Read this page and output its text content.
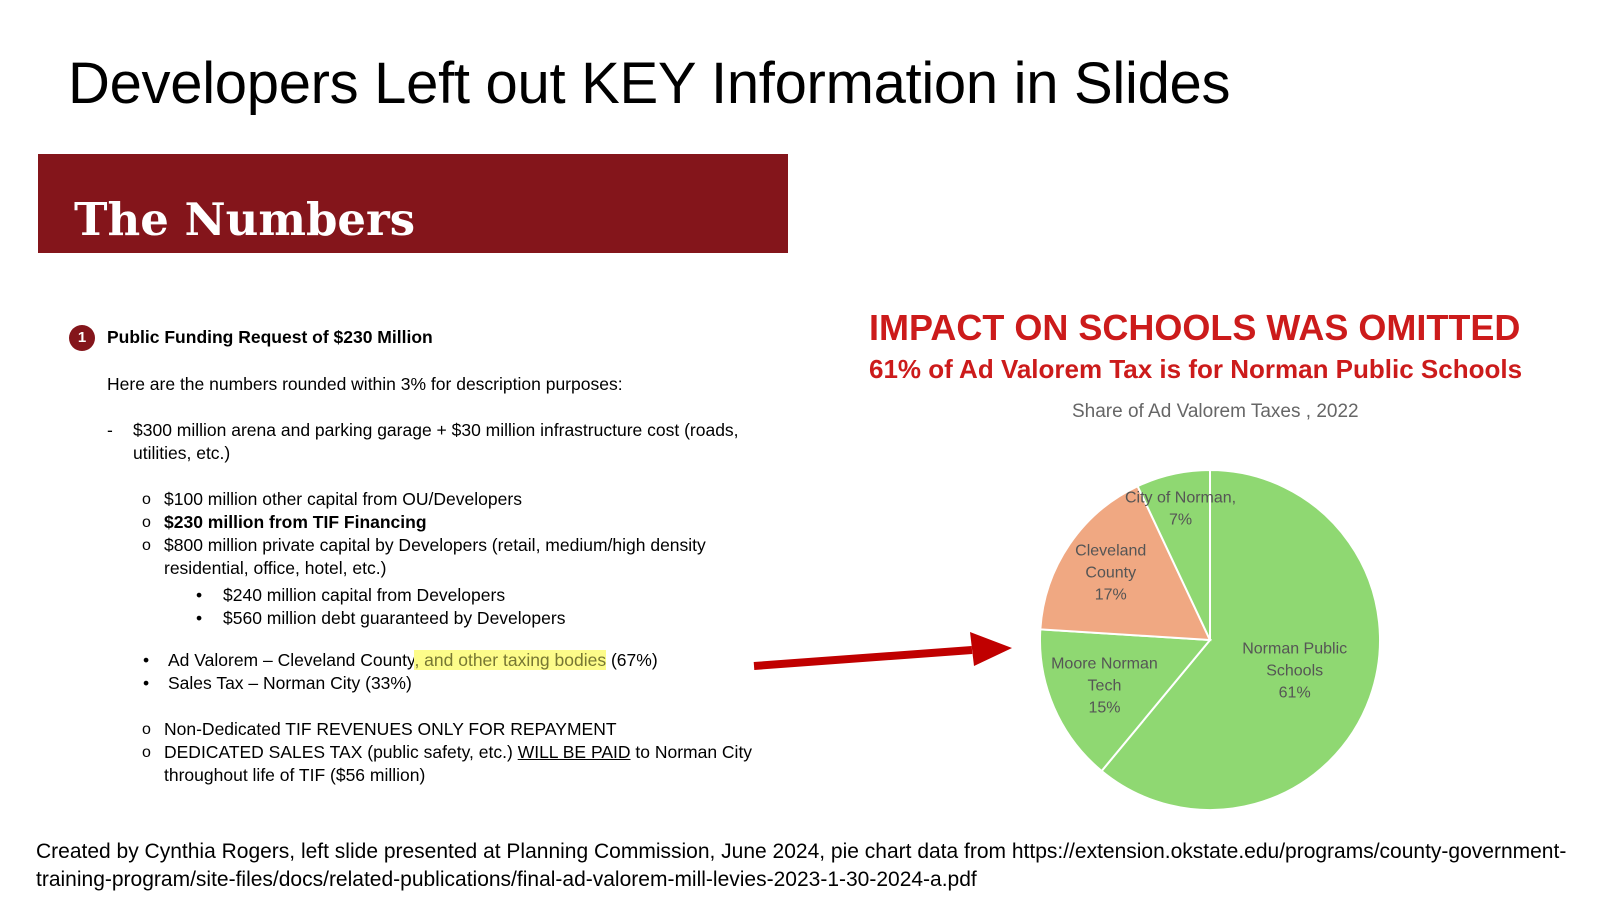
Developers Left out KEY Information in Slides
The Numbers
1	Public Funding Request of $230 Million
Here are the numbers rounded within 3% for description purposes:
- $300 million arena and parking garage + $30 million infrastructure cost (roads,
utilities, etc.)
o $100 million other capital from OU/Developers
o $230 million from TIF Financing
o $800 million private capital by Developers (retail, medium/high density
residential, office, hotel, etc.)
• $240 million capital from Developers
• $560 million debt guaranteed by Developers
• Ad Valorem – Cleveland County, and other taxing bodies (67%)
• Sales Tax – Norman City (33%)
o Non-Dedicated TIF REVENUES ONLY FOR REPAYMENT
o DEDICATED SALES TAX (public safety, etc.) WILL BE PAID to Norman City
throughout life of TIF ($56 million)
IMPACT ON SCHOOLS WAS OMITTED
61% of Ad Valorem Tax is for Norman Public Schools
Share of Ad Valorem Taxes , 2022
Norman Public Schools 61%
Moore Norman Tech 15%
Cleveland County 17%
City of Norman, 7%
Created by Cynthia Rogers, left slide presented at Planning Commission, June 2024, pie chart data from https://extension.okstate.edu/programs/county-government-training-program/site-files/docs/related-publications/final-ad-valorem-mill-levies-2023-1-30-2024-a.pdf
